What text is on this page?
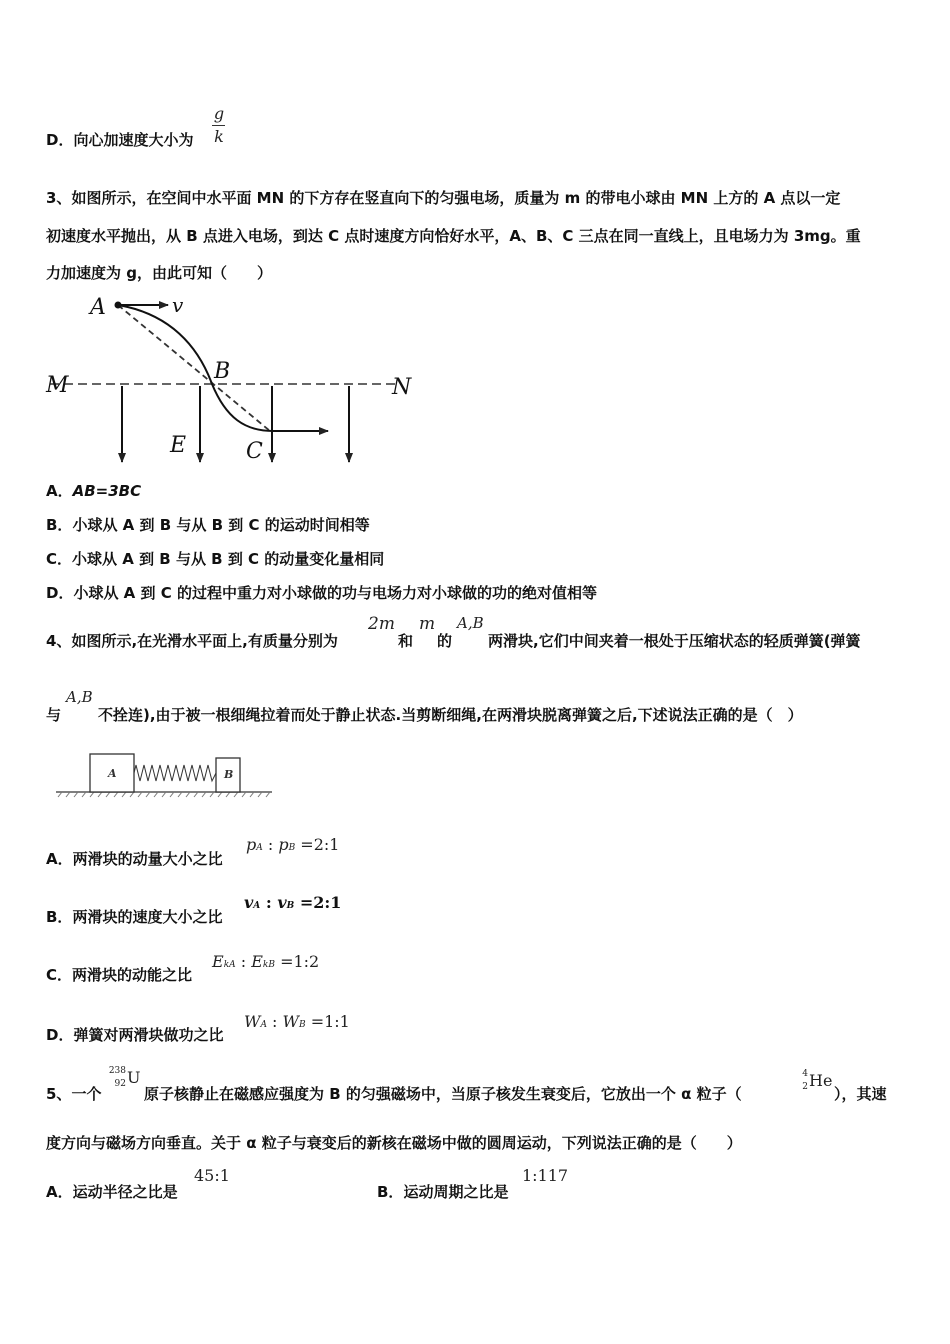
D．向心加速度大小为
g
k
3、如图所示，在空间中水平面 MN 的下方存在竖直向下的匀强电场，质量为 m 的带电小球由 MN 上方的 A 点以一定
初速度水平抛出，从 B 点进入电场，到达 C 点时速度方向恰好水平，A、B、C 三点在同一直线上，且电场力为 3mg。重
力加速度为 g，由此可知（　　）
A	v
B
M	N
E	C
A．AB=3BC
B．小球从 A 到 B 与从 B 到 C 的运动时间相等
C．小球从 A 到 B 与从 B 到 C 的动量变化量相同
D．小球从 A 到 C 的过程中重力对小球做的功与电场力对小球做的功的绝对值相等
4、如图所示,在光滑水平面上,有质量分别为
2m
和
m
的
A,B
两滑块,它们中间夹着一根处于压缩状态的轻质弹簧(弹簧
与
A,B
不拴连),由于被一根细绳拉着而处于静止状态.当剪断细绳,在两滑块脱离弹簧之后,下述说法正确的是（　）
A	B
A．两滑块的动量大小之比
pA : pB =2:1
B．两滑块的速度大小之比
vA : vB =2:1
C．两滑块的动能之比
EkA : EkB =1:2
D．弹簧对两滑块做功之比
WA : WB =1:1
5、一个
238
92 U
原子核静止在磁感应强度为 B 的匀强磁场中，当原子核发生衰变后，它放出一个 α 粒子（
4
2 He
），其速
度方向与磁场方向垂直。关于 α 粒子与衰变后的新核在磁场中做的圆周运动，下列说法正确的是（　　）
A．运动半径之比是
45:1
B．运动周期之比是
1:117
